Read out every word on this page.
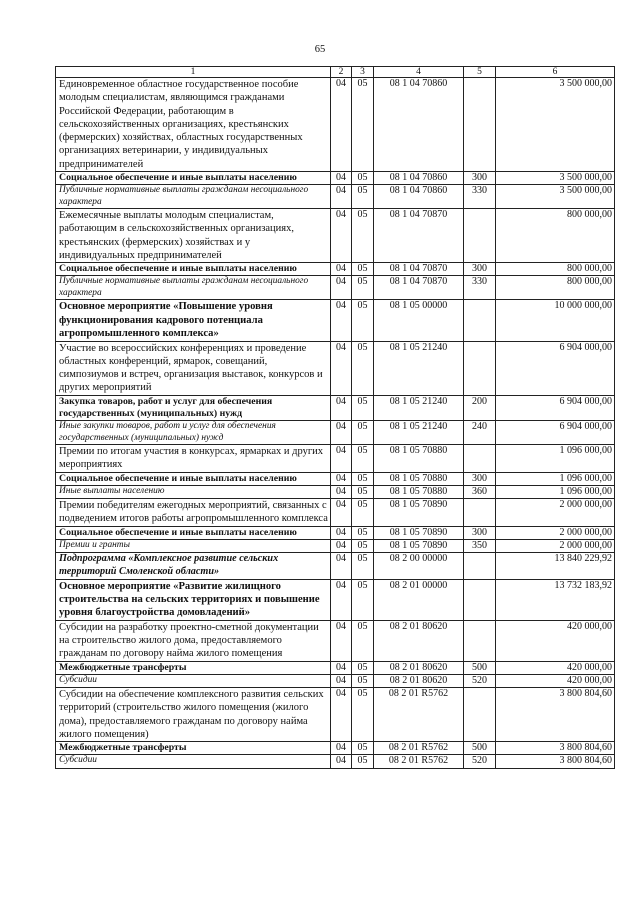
65
1	2	3	4	5	6
Единовременное областное государственное пособие молодым специалистам, являющимся гражданами Российской Федерации, работающим в сельскохозяйственных организациях, крестьянских (фермерских) хозяйствах, областных государственных организациях ветеринарии, у индивидуальных предпринимателей	04	05	08 1 04 70860		3 500 000,00
Социальное обеспечение и иные выплаты населению	04	05	08 1 04 70860	300	3 500 000,00
Публичные нормативные выплаты гражданам несоциального характера	04	05	08 1 04 70860	330	3 500 000,00
Ежемесячные выплаты молодым специалистам, работающим в сельскохозяйственных организациях, крестьянских (фермерских) хозяйствах и у индивидуальных предпринимателей	04	05	08 1 04 70870		800 000,00
Социальное обеспечение и иные выплаты населению	04	05	08 1 04 70870	300	800 000,00
Публичные нормативные выплаты гражданам несоциального характера	04	05	08 1 04 70870	330	800 000,00
Основное мероприятие «Повышение уровня функционирования кадрового потенциала агропромышленного комплекса»	04	05	08 1 05 00000		10 000 000,00
Участие во всероссийских конференциях и проведение областных конференций, ярмарок, совещаний, симпозиумов и встреч, организация выставок, конкурсов и других мероприятий	04	05	08 1 05 21240		6 904 000,00
Закупка товаров, работ и услуг для обеспечения государственных (муниципальных) нужд	04	05	08 1 05 21240	200	6 904 000,00
Иные закупки товаров, работ и услуг для обеспечения государственных (муниципальных) нужд	04	05	08 1 05 21240	240	6 904 000,00
Премии по итогам участия в конкурсах, ярмарках и других мероприятиях	04	05	08 1 05 70880		1 096 000,00
Социальное обеспечение и иные выплаты населению	04	05	08 1 05 70880	300	1 096 000,00
Иные выплаты населению	04	05	08 1 05 70880	360	1 096 000,00
Премии победителям ежегодных мероприятий, связанных с подведением итогов работы агропромышленного комплекса	04	05	08 1 05 70890		2 000 000,00
Социальное обеспечение и иные выплаты населению	04	05	08 1 05 70890	300	2 000 000,00
Премии и гранты	04	05	08 1 05 70890	350	2 000 000,00
Подпрограмма «Комплексное развитие сельских территорий Смоленской области»	04	05	08 2 00 00000		13 840 229,92
Основное мероприятие «Развитие жилищного строительства на сельских территориях и повышение уровня благоустройства домовладений»	04	05	08 2 01 00000		13 732 183,92
Субсидии на разработку проектно-сметной документации на строительство жилого дома, предоставляемого гражданам по договору найма жилого помещения	04	05	08 2 01 80620		420 000,00
Межбюджетные трансферты	04	05	08 2 01 80620	500	420 000,00
Субсидии	04	05	08 2 01 80620	520	420 000,00
Субсидии на обеспечение комплексного развития сельских территорий (строительство жилого помещения (жилого дома), предоставляемого гражданам по договору найма жилого помещения)	04	05	08 2 01 R5762		3 800 804,60
Межбюджетные трансферты	04	05	08 2 01 R5762	500	3 800 804,60
Субсидии	04	05	08 2 01 R5762	520	3 800 804,60
